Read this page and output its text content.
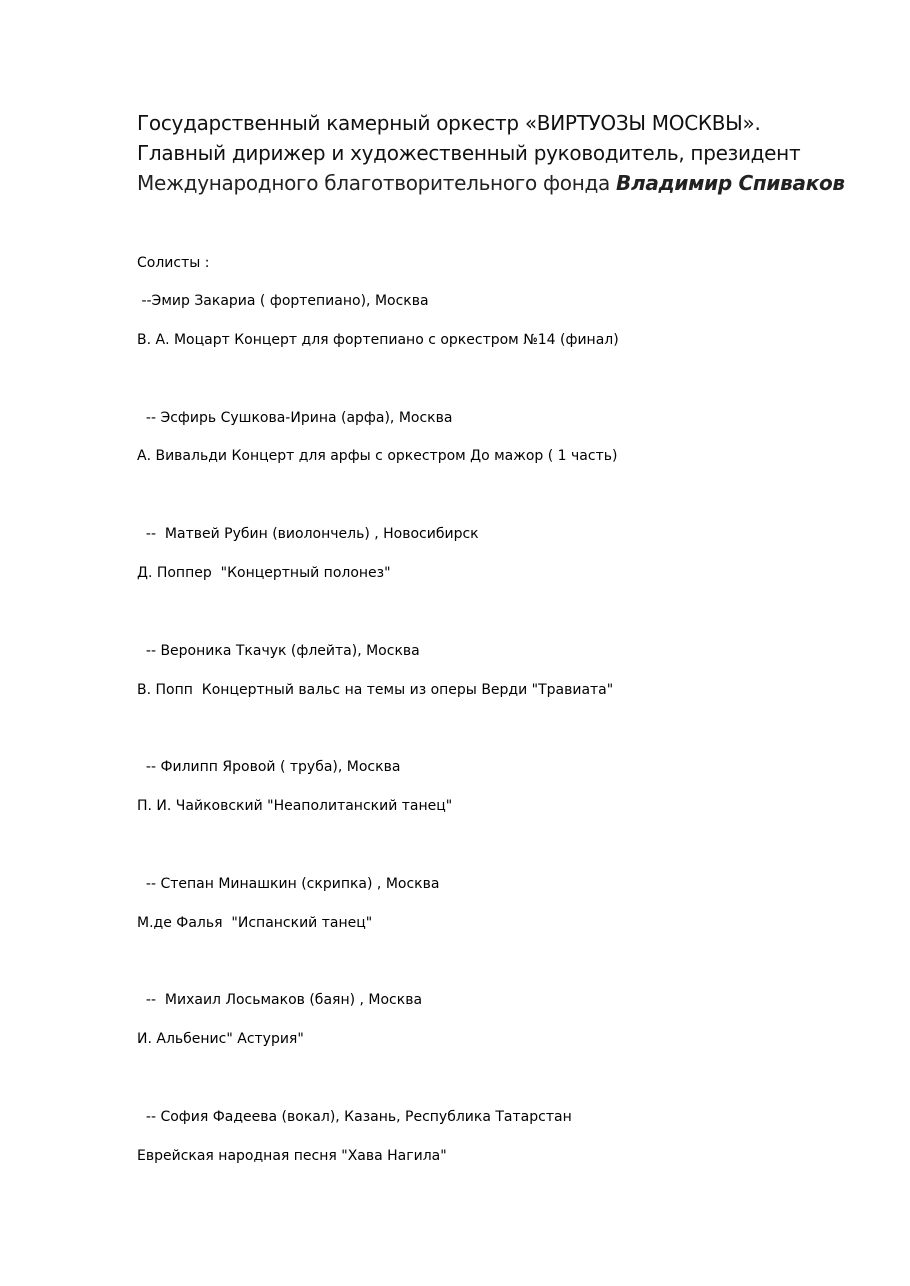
Государственный камерный оркестр «ВИРТУОЗЫ МОСКВЫ».
Главный дирижер и художественный руководитель, президент
Международного благотворительного фонда Владимир Спиваков
Солисты :
--Эмир Закариа ( фортепиано), Москва
В. А. Моцарт Концерт для фортепиано с оркестром №14 (финал)
-- Эсфирь Сушкова-Ирина (арфа), Москва
А. Вивальди Концерт для арфы с оркестром До мажор ( 1 часть)
--  Матвей Рубин (виолончель) , Новосибирск
Д. Поппер  "Концертный полонез"
-- Вероника Ткачук (флейта), Москва
В. Попп  Концертный вальс на темы из оперы Верди "Травиата"
-- Филипп Яровой ( труба), Москва
П. И. Чайковский "Неаполитанский танец"
-- Степан Минашкин (скрипка) , Москва
М.де Фалья  "Испанский танец"
--  Михаил Лосьмаков (баян) , Москва
И. Альбенис" Астурия"
-- София Фадеева (вокал), Казань, Республика Татарстан
Еврейская народная песня "Хава Нагила"
